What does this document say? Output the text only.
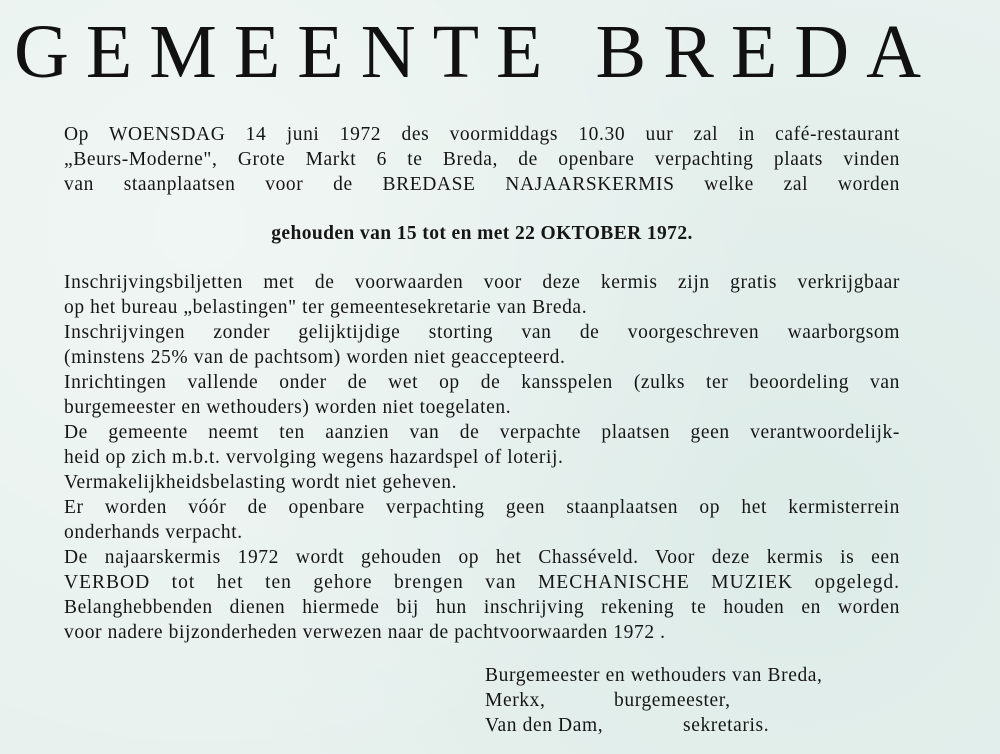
GEMEENTE BREDA
Op WOENSDAG 14 juni 1972 des voormiddags 10.30 uur zal in café-restaurant
„Beurs-Moderne", Grote Markt 6 te Breda, de openbare verpachting plaats vinden
van staanplaatsen voor de BREDASE NAJAARSKERMIS welke zal worden
gehouden van 15 tot en met 22 OKTOBER 1972.
Inschrijvingsbiljetten met de voorwaarden voor deze kermis zijn gratis verkrijgbaar
op het bureau „belastingen" ter gemeentesekretarie van Breda.
Inschrijvingen zonder gelijktijdige storting van de voorgeschreven waarborgsom
(minstens 25% van de pachtsom) worden niet geaccepteerd.
Inrichtingen vallende onder de wet op de kansspelen (zulks ter beoordeling van
burgemeester en wethouders) worden niet toegelaten.
De gemeente neemt ten aanzien van de verpachte plaatsen geen verantwoordelijk-
heid op zich m.b.t. vervolging wegens hazardspel of loterij.
Vermakelijkheidsbelasting wordt niet geheven.
Er worden vóór de openbare verpachting geen staanplaatsen op het kermisterrein
onderhands verpacht.
De najaarskermis 1972 wordt gehouden op het Chasséveld. Voor deze kermis is een
VERBOD tot het ten gehore brengen van MECHANISCHE MUZIEK opgelegd.
Belanghebbenden dienen hiermede bij hun inschrijving rekening te houden en worden
voor nadere bijzonderheden verwezen naar de pachtvoorwaarden 1972 .
Burgemeester en wethouders van Breda,
Merkx,	burgemeester,
Van den Dam,	sekretaris.
